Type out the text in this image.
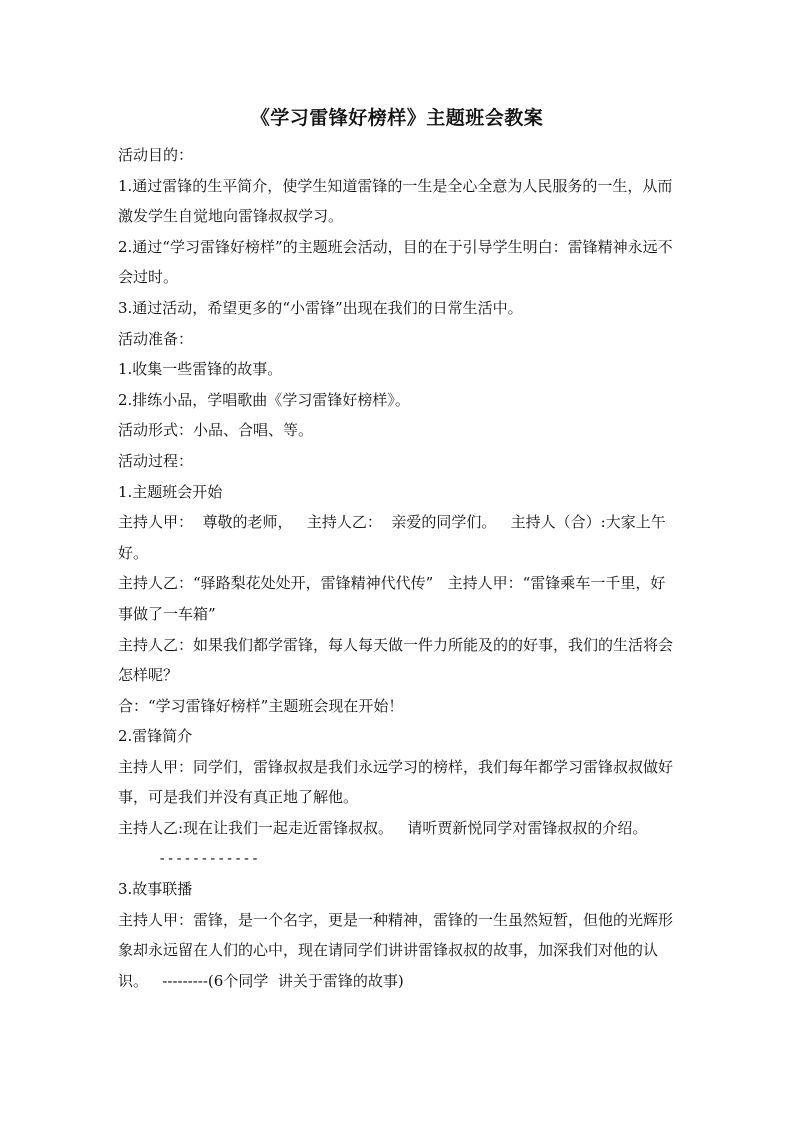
《学习雷锋好榜样》主题班会教案

活动目的：

1.通过雷锋的生平简介，使学生知道雷锋的一生是全心全意为人民服务的一生，从而激发学生自觉地向雷锋叔叔学习。

2.通过“学习雷锋好榜样”的主题班会活动，目的在于引导学生明白：雷锋精神永远不会过时。

3.通过活动，希望更多的“小雷锋”出现在我们的日常生活中。

活动准备：

1.收集一些雷锋的故事。

2.排练小品，学唱歌曲《学习雷锋好榜样》。

活动形式：小品、合唱、等。

活动过程：

1.主题班会开始

主持人甲：  尊敬的老师，   主持人乙：  亲爱的同学们。   主持人（合）:大家上午好。

主持人乙：“驿路梨花处处开，雷锋精神代代传”   主持人甲：“雷锋乘车一千里，好事做了一车箱”

主持人乙：如果我们都学雷锋，每人每天做一件力所能及的的好事，我们的生活将会怎样呢？

合：“学习雷锋好榜样”主题班会现在开始！

2.雷锋简介

主持人甲：同学们，雷锋叔叔是我们永远学习的榜样，我们每年都学习雷锋叔叔做好事，可是我们并没有真正地了解他。

主持人乙:现在让我们一起走近雷锋叔叔。   请听贾新悦同学对雷锋叔叔的介绍。

------------

3.故事联播

主持人甲：雷锋，是一个名字，更是一种精神，雷锋的一生虽然短暂，但他的光辉形象却永远留在人们的心中，现在请同学们讲讲雷锋叔叔的故事，加深我们对他的认识。   ---------(6个同学  讲关于雷锋的故事)
